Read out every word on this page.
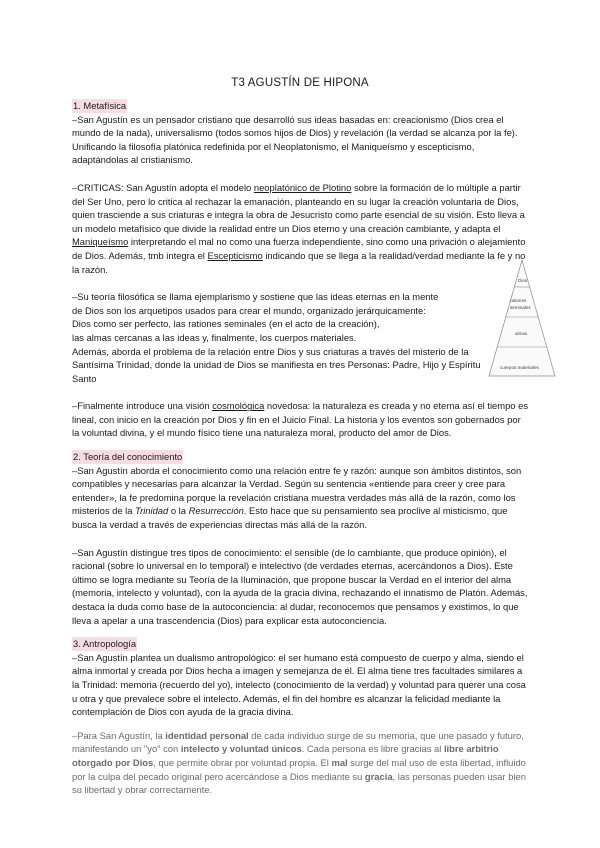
T3 AGUSTÍN DE HIPONA
1. Metafísica

–San Agustín es un pensador cristiano que desarrolló sus ideas basadas en: creacionismo (Dios crea el mundo de la nada), universalismo (todos somos hijos de Dios) y revelación (la verdad se alcanza por la fe). Unificando la filosofía platónica redefinida por el Neoplatonismo, el Maniqueísmo y escepticismo, adaptándolas al cristianismo.

–CRITICAS: San Agustín adopta el modelo neoplatónico de Plotino sobre la formación de lo múltiple a partir del Ser Uno, pero lo critica al rechazar la emanación, planteando en su lugar la creación voluntaria de Dios, quien trasciende a sus criaturas e integra la obra de Jesucristo como parte esencial de su visión. Esto lleva a un modelo metafísico que divide la realidad entre un Dios eterno y una creación cambiante, y adapta el Maniqueísmo interpretando el mal no como una fuerza independiente, sino como una privación o alejamiento de Dios. Además, tmb integra el Escepticismo indicando que se llega a la realidad/verdad mediante la fe y no la razón.

–Su teoría filosófica se llama ejemplarismo y sostiene que las ideas eternas en la mente
de Dios son los arquetipos usados para crear el mundo, organizado jerárquicamente:
Dios como ser perfecto, las rationes seminales (en el acto de la creación),
las almas cercanas a las ideas y, finalmente, los cuerpos materiales.
Además, aborda el problema de la relación entre Dios y sus criaturas a través del misterio de la
Santísima Trinidad, donde la unidad de Dios se manifiesta en tres Personas: Padre, Hijo y Espíritu
Santo

–Finalmente introduce una visión cosmológica novedosa: la naturaleza es creada y no eterna así el tiempo es lineal, con inicio en la creación por Dios y fin en el Juicio Final. La historia y los eventos son gobernados por la voluntad divina, y el mundo físico tiene una naturaleza moral, producto del amor de Dios.

2. Teoría del conocimiento

–San Agustín aborda el conocimiento como una relación entre fe y razón: aunque son ámbitos distintos, son compatibles y necesarias para alcanzar la Verdad. Según su sentencia «entiende para creer y cree para entender», la fe predomina porque la revelación cristiana muestra verdades más allá de la razón, como los misterios de la Trinidad o la Resurrección. Esto hace que su pensamiento sea proclive al misticismo, que busca la verdad a través de experiencias directas más allá de la razón.

–San Agustín distingue tres tipos de conocimiento: el sensible (de lo cambiante, que produce opinión), el racional (sobre lo universal en lo temporal) e intelectivo (de verdades eternas, acercándonos a Dios). Este último se logra mediante su Teoría de la Iluminación, que propone buscar la Verdad en el interior del alma (memoria, intelecto y voluntad), con la ayuda de la gracia divina, rechazando el innatismo de Platón. Además, destaca la duda como base de la autoconciencia: al dudar, reconocemos que pensamos y existimos, lo que lleva a apelar a una trascendencia (Dios) para explicar esta autoconciencia.

3. Antropología

–San Agustín plantea un dualismo antropológico: el ser humano está compuesto de cuerpo y alma, siendo el alma inmortal y creada por Dios hecha a imagen y semejanza de él. El alma tiene tres facultades similares a la Trinidad: memoria (recuerdo del yo), intelecto (conocimiento de la verdad) y voluntad para querer una cosa u otra y que prevalece sobre el intelecto. Además, el fin del hombre es alcanzar la felicidad mediante la contemplación de Dios con ayuda de la gracia divina.

–Para San Agustín, la identidad personal de cada individuo surge de su memoria, que une pasado y futuro, manifestando un "yo" con intelecto y voluntad únicos. Cada persona es libre gracias al libre arbitrio otorgado por Dios, que permite obrar por voluntad propia. El mal surge del mal uso de esta libertad, influido por la culpa del pecado original pero acercándose a Dios mediante su gracia, las personas pueden usar bien su libertad y obrar correctamente.

Dios
rationes
seminales
almas
cuerpos materiales
